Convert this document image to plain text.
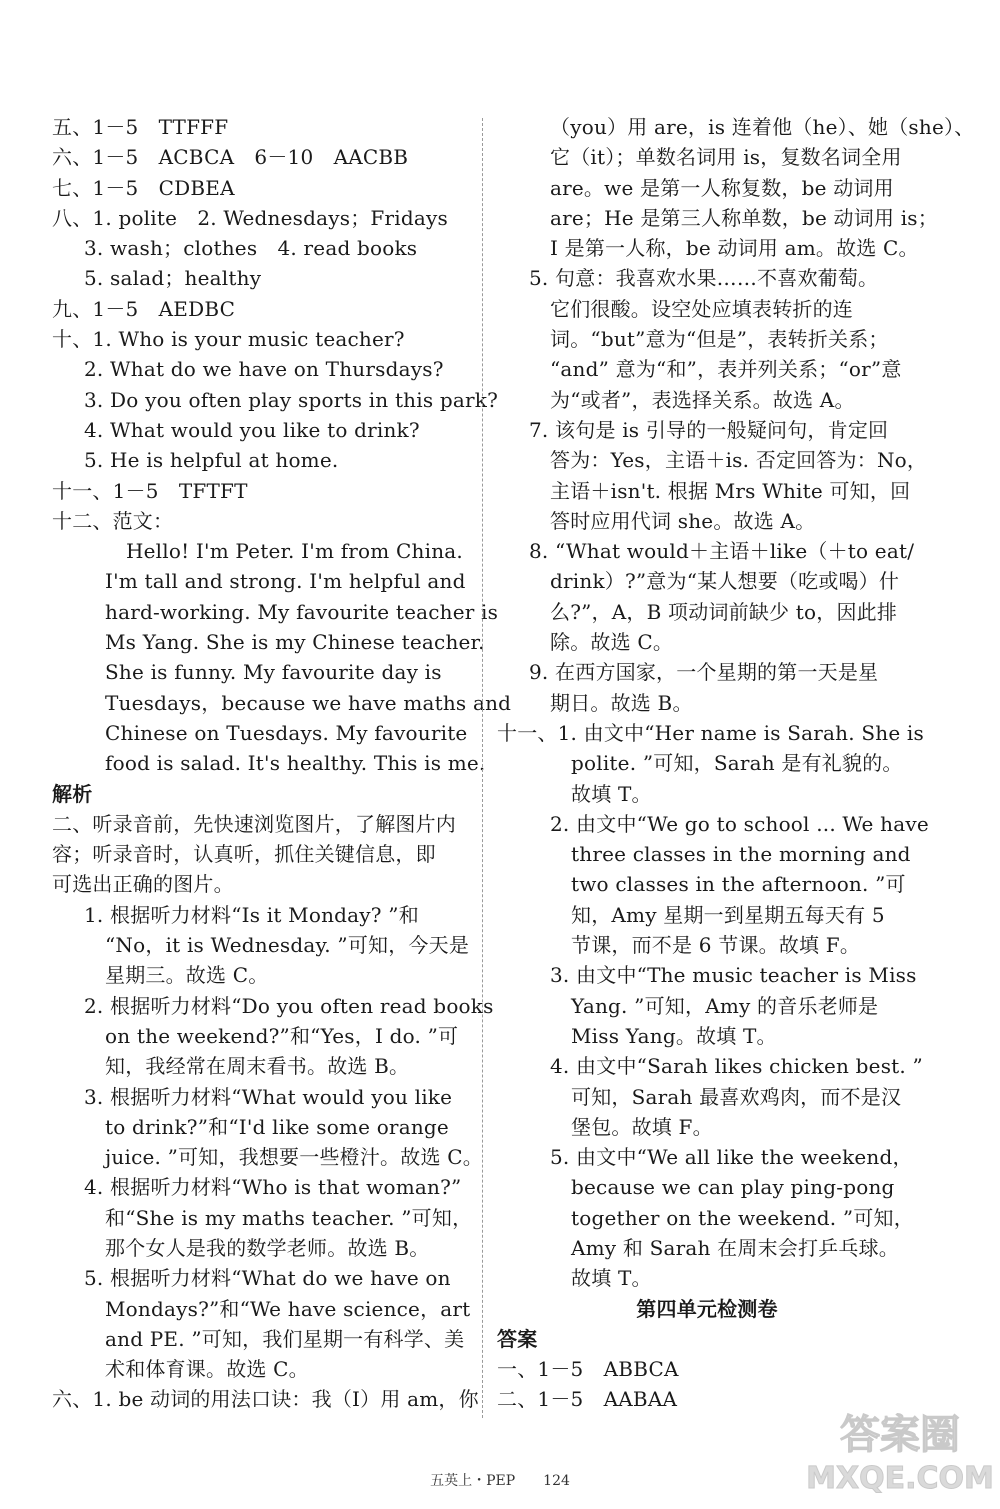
五、1－5　TTFFF
六、1－5　ACBCA　6－10　AACBB
七、1－5　CDBEA
八、1. polite　2. Wednesdays；Fridays
3. wash；clothes　4. read books
5. salad；healthy
九、1－5　AEDBC
十、1. Who is your music teacher?
2. What do we have on Thursdays?
3. Do you often play sports in this park?
4. What would you like to drink?
5. He is helpful at home.
十一、1－5　TFTFT
十二、范文：
Hello! I'm Peter. I'm from China.
I'm tall and strong. I'm helpful and
hard-working. My favourite teacher is
Ms Yang. She is my Chinese teacher.
She is funny. My favourite day is
Tuesdays，because we have maths and
Chinese on Tuesdays. My favourite
food is salad. It's healthy. This is me.
解析
二、听录音前，先快速浏览图片，了解图片内
容；听录音时，认真听，抓住关键信息，即
可选出正确的图片。
1. 根据听力材料“Is it Monday? ”和
“No，it is Wednesday. ”可知，今天是
星期三。故选 C。
2. 根据听力材料“Do you often read books
on the weekend?”和“Yes，I do. ”可
知，我经常在周末看书。故选 B。
3. 根据听力材料“What would you like
to drink?”和“I'd like some orange
juice. ”可知，我想要一些橙汁。故选 C。
4. 根据听力材料“Who is that woman?”
和“She is my maths teacher. ”可知，
那个女人是我的数学老师。故选 B。
5. 根据听力材料“What do we have on
Mondays?”和“We have science，art
and PE. ”可知，我们星期一有科学、美
术和体育课。故选 C。
六、1. be 动词的用法口诀：我（I）用 am，你
（you）用 are，is 连着他（he）、她（she）、
它（it）；单数名词用 is，复数名词全用
are。we 是第一人称复数，be 动词用
are；He 是第三人称单数，be 动词用 is；
I 是第一人称，be 动词用 am。故选 C。
5. 句意：我喜欢水果……不喜欢葡萄。
它们很酸。设空处应填表转折的连
词。“but”意为“但是”，表转折关系；
“and” 意为“和”，表并列关系；“or”意
为“或者”，表选择关系。故选 A。
7. 该句是 is 引导的一般疑问句，肯定回
答为：Yes，主语＋is. 否定回答为：No，
主语＋isn't. 根据 Mrs White 可知，回
答时应用代词 she。故选 A。
8. “What would＋主语＋like（＋to eat/
drink）?”意为“某人想要（吃或喝）什
么?”，A，B 项动词前缺少 to，因此排
除。故选 C。
9. 在西方国家，一个星期的第一天是星
期日。故选 B。
十一、1. 由文中“Her name is Sarah. She is
polite. ”可知，Sarah 是有礼貌的。
故填 T。
2. 由文中“We go to school ... We have
three classes in the morning and
two classes in the afternoon. ”可
知，Amy 星期一到星期五每天有 5
节课，而不是 6 节课。故填 F。
3. 由文中“The music teacher is Miss
Yang. ”可知，Amy 的音乐老师是
Miss Yang。故填 T。
4. 由文中“Sarah likes chicken best. ”
可知，Sarah 最喜欢鸡肉，而不是汉
堡包。故填 F。
5. 由文中“We all like the weekend，
because we can play ping-pong
together on the weekend. ”可知，
Amy 和 Sarah 在周末会打乒乓球。
故填 T。
第四单元检测卷
答案
一、1－5　ABBCA
二、1－5　AABAA
五英上・PEP　　124
答案圈
MXQE.COM
